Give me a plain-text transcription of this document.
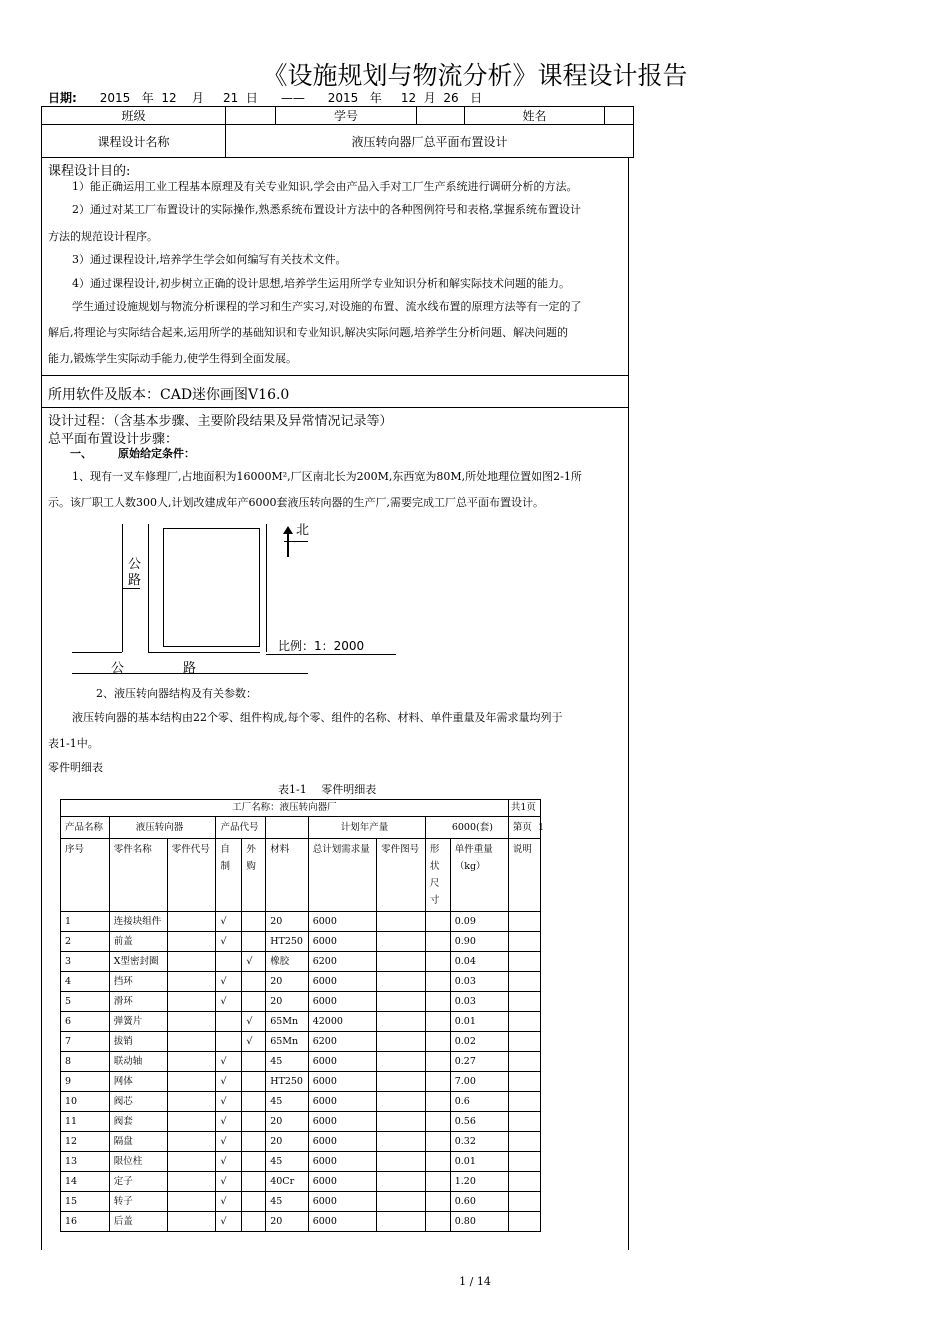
《设施规划与物流分析》课程设计报告
日期: 2015 年 12 月 21 日 —— 2015 年 12 月 26 日
班级		学号		姓名	
课程设计名称	液压转向器厂总平面布置设计				
课程设计目的:
1）能正确运用工业工程基本原理及有关专业知识,学会由产品入手对工厂生产系统进行调研分析的方法。
2）通过对某工厂布置设计的实际操作,熟悉系统布置设计方法中的各种图例符号和表格,掌握系统布置设计
方法的规范设计程序。
3）通过课程设计,培养学生学会如何编写有关技术文件。
4）通过课程设计,初步树立正确的设计思想,培养学生运用所学专业知识分析和解实际技术问题的能力。
学生通过设施规划与物流分析课程的学习和生产实习,对设施的布置、流水线布置的原理方法等有一定的了
解后,将理论与实际结合起来,运用所学的基础知识和专业知识,解决实际问题,培养学生分析问题、解决问题的
能力,锻炼学生实际动手能力,使学生得到全面发展。
所用软件及版本：CAD迷你画图V16.0
设计过程：（含基本步骤、主要阶段结果及异常情况记录等）
总平面布置设计步骤：
一、 原始给定条件：
1、现有一叉车修理厂,占地面积为16000M²,厂区南北长为200M,东西宽为80M,所处地理位置如图2-1所
示。该厂职工人数300人,计划改建成年产6000套液压转向器的生产厂,需要完成工厂总平面布置设计。
北
公
路
公	路
比例：1：2000
2、液压转向器结构及有关参数：
液压转向器的基本结构由22个零、组件构成,每个零、组件的名称、材料、单件重量及年需求量均列于
表1-1中。
零件明细表
表1-1　 零件明细表
工厂名称：液压转向器厂										共1页
产品名称	液压转向器		产品代号			计划年产量		6000(套)		第页 1

序号	零件名称	零件代号	自制	外购	材料	总计划需求量	零件图号	形状尺寸	单件重量（kg）	说明
1	连接块组件		√		20	6000			0.09	
2	前盖		√		HT250	6000			0.90	
3	X型密封圈			√	橡胶	6200			0.04	
4	挡环		√		20	6000			0.03	
5	滑环		√		20	6000			0.03	
6	弹簧片			√	65Mn	42000			0.01	
7	拔销			√	65Mn	6200			0.02	
8	联动轴		√		45	6000			0.27	
9	网体		√		HT250	6000			7.00	
10	阀芯		√		45	6000			0.6	
11	阀套		√		20	6000			0.56	
12	隔盘		√		20	6000			0.32	
13	限位柱		√		45	6000			0.01	
14	定子		√		40Cr	6000			1.20	
15	转子		√		45	6000			0.60	
16	后盖		√		20	6000			0.80	
1 / 14
